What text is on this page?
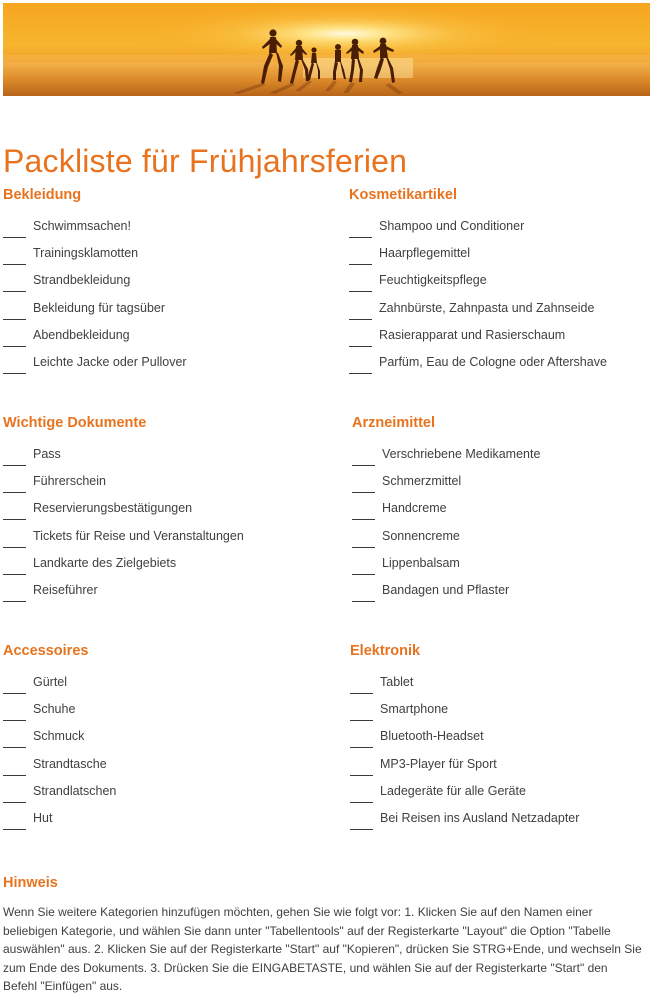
Packliste für Frühjahrsferien
Bekleidung
Schwimmsachen!
Trainingsklamotten
Strandbekleidung
Bekleidung für tagsüber
Abendbekleidung
Leichte Jacke oder Pullover
Kosmetikartikel
Shampoo und Conditioner
Haarpflegemittel
Feuchtigkeitspflege
Zahnbürste, Zahnpasta und Zahnseide
Rasierapparat und Rasierschaum
Parfüm, Eau de Cologne oder Aftershave
Wichtige Dokumente
Pass
Führerschein
Reservierungsbestätigungen
Tickets für Reise und Veranstaltungen
Landkarte des Zielgebiets
Reiseführer
Arzneimittel
Verschriebene Medikamente
Schmerzmittel
Handcreme
Sonnencreme
Lippenbalsam
Bandagen und Pflaster
Accessoires
Gürtel
Schuhe
Schmuck
Strandtasche
Strandlatschen
Hut
Elektronik
Tablet
Smartphone
Bluetooth-Headset
MP3-Player für Sport
Ladegeräte für alle Geräte
Bei Reisen ins Ausland Netzadapter
Hinweis

Wenn Sie weitere Kategorien hinzufügen möchten, gehen Sie wie folgt vor: 1. Klicken Sie auf den Namen einer beliebigen Kategorie, und wählen Sie dann unter "Tabellentools" auf der Registerkarte "Layout" die Option "Tabelle auswählen" aus. 2. Klicken Sie auf der Registerkarte "Start" auf "Kopieren", drücken Sie STRG+Ende, und wechseln Sie zum Ende des Dokuments. 3. Drücken Sie die EINGABETASTE, und wählen Sie auf der Registerkarte "Start" den Befehl "Einfügen" aus.
